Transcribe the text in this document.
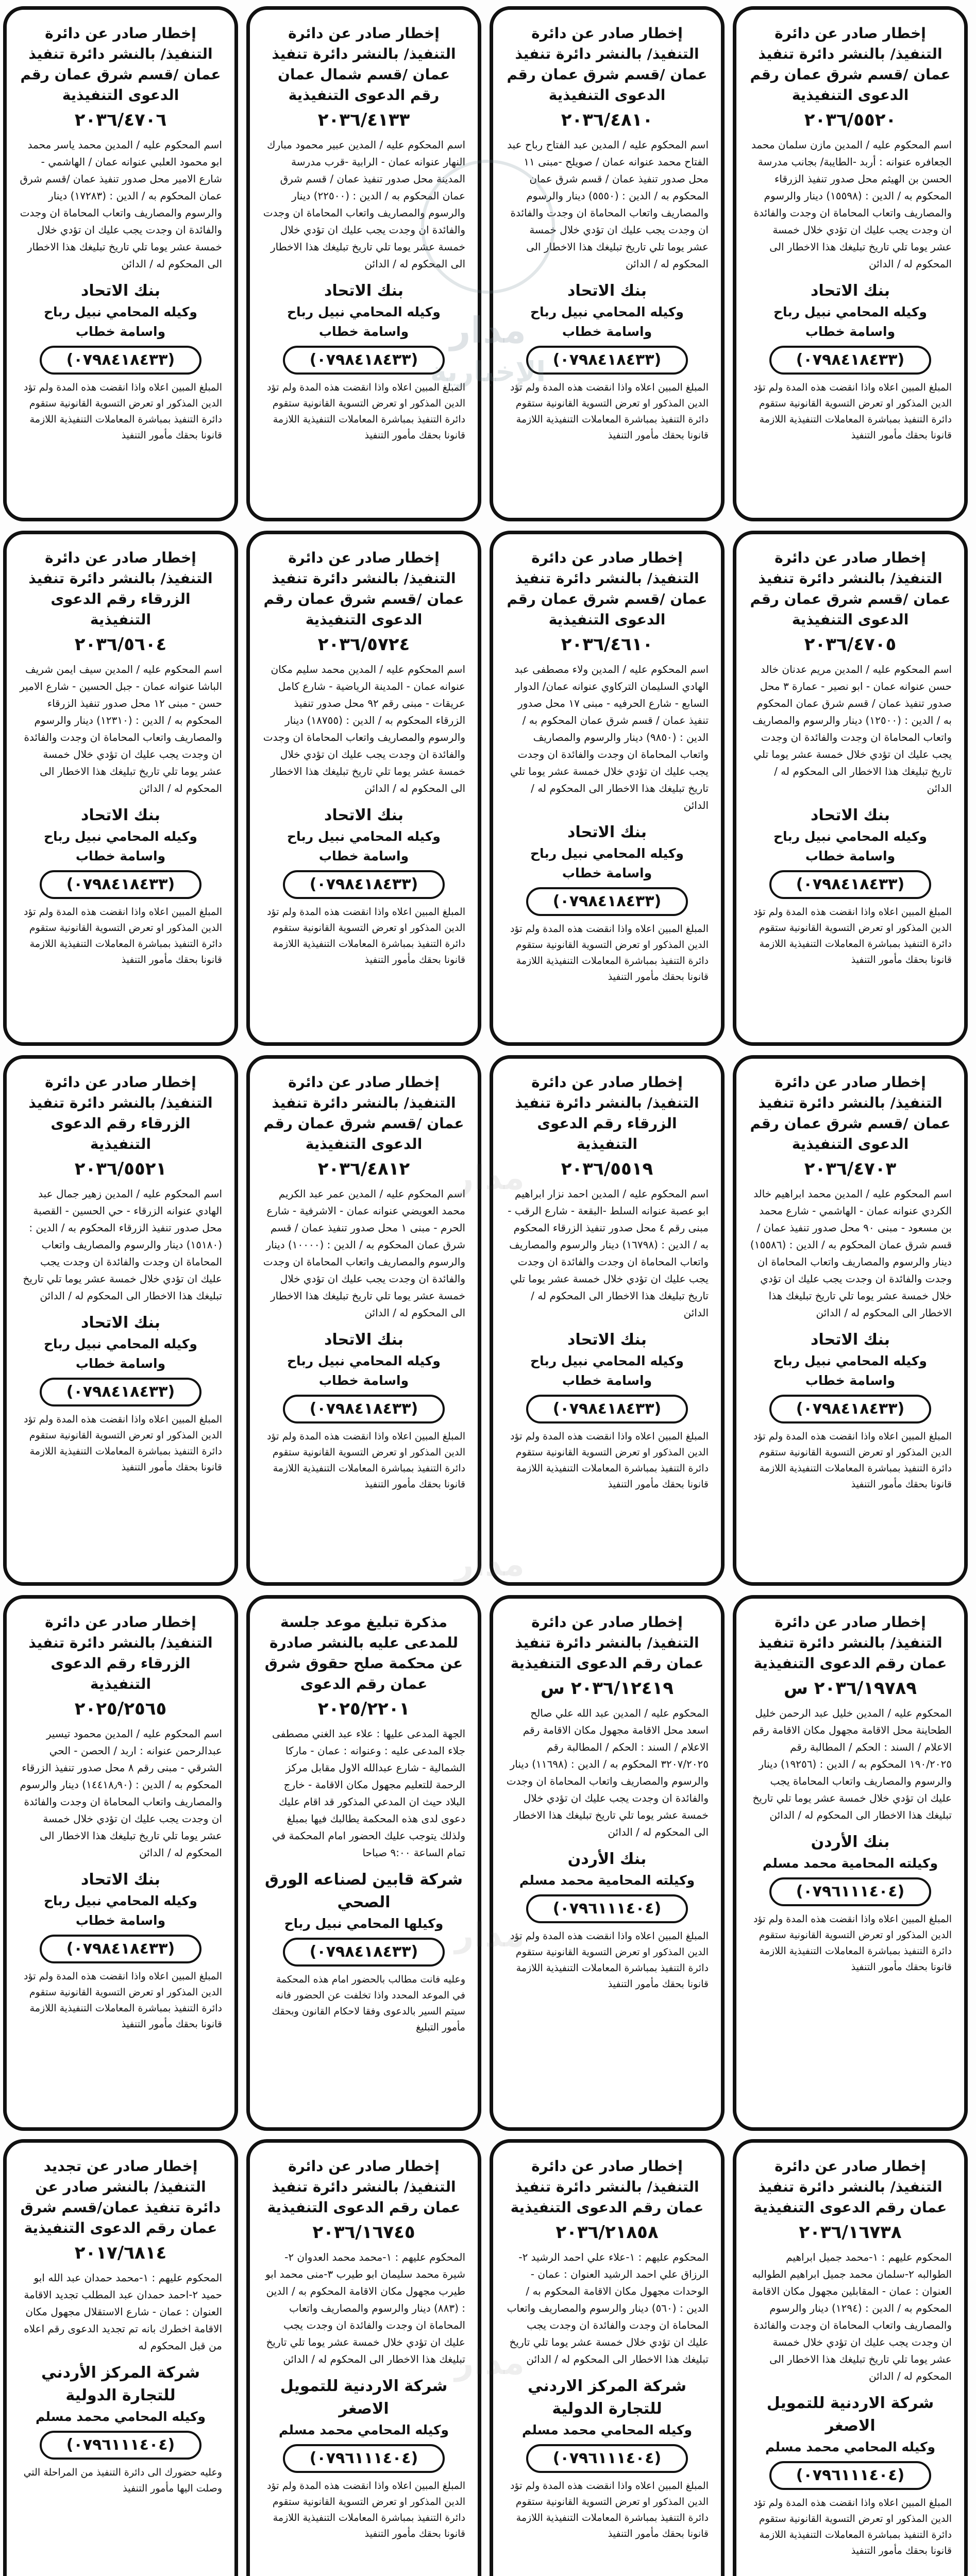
مدار
الإخبارية
إخطار صادر عن دائرة التنفيذ/ بالنشر دائرة تنفيذ عمان /قسم شرق عمان رقم الدعوى التنفيذية
٢٠٣٦/٥٥٢٠
اسم المحكوم عليه / المدين مازن سلمان محمد الجعافره عنوانه : أربد -الطايبة/ بجانب مدرسة الحسن بن الهيثم محل صدور تنفيذ الزرقاء المحكوم به / الدين : (١٥٥٩٨) دينار والرسوم والمصاريف واتعاب المحاماة ان وجدت والفائدة ان وجدت يجب عليك ان تؤدي خلال خمسة عشر يوما تلي تاريخ تبليغك هذا الاخطار الى المحكوم له / الدائن
بنك الاتحاد
وكيله المحامي نبيل رباح واسامة خطاب
(٠٧٩٨٤١٨٤٣٣)
المبلغ المبين اعلاه واذا انقضت هذه المدة ولم تؤد الدين المذكور او تعرض التسوية القانونية ستقوم دائرة التنفيذ بمباشرة المعاملات التنفيذية اللازمة قانونا بحقك مأمور التنفيذ
إخطار صادر عن دائرة التنفيذ/ بالنشر دائرة تنفيذ عمان /قسم شرق عمان رقم الدعوى التنفيذية
٢٠٣٦/٤٧٠٥
اسم المحكوم عليه / المدين مريم عدنان خالد حسن عنوانه عمان - ابو نصير - عمارة ٣ محل صدور تنفيذ عمان / قسم شرق عمان المحكوم به / الدين : (١٢٥٠٠) دينار والرسوم والمصاريف واتعاب المحاماة ان وجدت والفائدة ان وجدت يجب عليك ان تؤدي خلال خمسة عشر يوما تلي تاريخ تبليغك هذا الاخطار الى المحكوم له / الدائن
بنك الاتحاد
وكيله المحامي نبيل رباح واسامة خطاب
(٠٧٩٨٤١٨٤٣٣)
المبلغ المبين اعلاه واذا انقضت هذه المدة ولم تؤد الدين المذكور او تعرض التسوية القانونية ستقوم دائرة التنفيذ بمباشرة المعاملات التنفيذية اللازمة قانونا بحقك مأمور التنفيذ
إخطار صادر عن دائرة التنفيذ/ بالنشر دائرة تنفيذ عمان /قسم شرق عمان رقم الدعوى التنفيذية
٢٠٣٦/٤٧٠٣
اسم المحكوم عليه / المدين محمد ابراهيم خالد الكردي عنوانه عمان - الهاشمي - شارع محمد بن مسعود - مبنى ٩٠ محل صدور تنفيذ عمان / قسم شرق عمان المحكوم به / الدين : (١٥٥٨٦) دينار والرسوم والمصاريف واتعاب المحاماة ان وجدت والفائدة ان وجدت يجب عليك ان تؤدي خلال خمسة عشر يوما تلي تاريخ تبليغك هذا الاخطار الى المحكوم له / الدائن
بنك الاتحاد
وكيله المحامي نبيل رباح واسامة خطاب
(٠٧٩٨٤١٨٤٣٣)
المبلغ المبين اعلاه واذا انقضت هذه المدة ولم تؤد الدين المذكور او تعرض التسوية القانونية ستقوم دائرة التنفيذ بمباشرة المعاملات التنفيذية اللازمة قانونا بحقك مأمور التنفيذ
إخطار صادر عن دائرة التنفيذ/ بالنشر دائرة تنفيذ عمان رقم الدعوى التنفيذية
٢٠٣٦/١٩٧٨٩ س
المحكوم عليه / المدين خليل عبد الرحمن خليل الطحاينة محل الاقامة مجهول مكان الاقامة رقم الاعلام / السند : الحكم / المطالبة رقم ١٩٠/٢٠٢٥ المحكوم به / الدين : (١٩٢٥٦) دينار والرسوم والمصاريف واتعاب المحاماة يجب عليك ان تؤدي خلال خمسة عشر يوما تلي تاريخ تبليغك هذا الاخطار الى المحكوم له / الدائن
بنك الأردن
وكيلته المحامية محمد مسلم
(٠٧٩٦١١١٤٠٤)
المبلغ المبين اعلاه واذا انقضت هذه المدة ولم تؤد الدين المذكور او تعرض التسوية القانونية ستقوم دائرة التنفيذ بمباشرة المعاملات التنفيذية اللازمة قانونا بحقك مأمور التنفيذ
إخطار صادر عن دائرة التنفيذ/ بالنشر دائرة تنفيذ عمان رقم الدعوى التنفيذية
٢٠٣٦/١٦٧٣٨
المحكوم عليهم : ١-محمد جميل ابراهيم الطوالبه ٢-سلمان محمد جميل ابراهيم الطوالبه العنوان : عمان - المقابلين مجهول مكان الاقامة المحكوم به / الدين : (١٢٩٤) دينار والرسوم والمصاريف واتعاب المحاماة ان وجدت والفائدة ان وجدت يجب عليك ان تؤدي خلال خمسة عشر يوما تلي تاريخ تبليغك هذا الاخطار الى المحكوم له / الدائن
شركة الاردنية للتمويل الاصغر
وكيله المحامي محمد مسلم
(٠٧٩٦١١١٤٠٤)
المبلغ المبين اعلاه واذا انقضت هذه المدة ولم تؤد الدين المذكور او تعرض التسوية القانونية ستقوم دائرة التنفيذ بمباشرة المعاملات التنفيذية اللازمة قانونا بحقك مأمور التنفيذ
إخطار صادر عن دائرة التنفيذ/ بالنشر دائرة تنفيذ عمان /قسم شرق عمان رقم الدعوى التنفيذية
٢٠٣٦/٤٨١٠
اسم المحكوم عليه / المدين عبد الفتاح رباح عبد الفتاح محمد عنوانه عمان / صويلح -مبنى ١١ محل صدور تنفيذ عمان / قسم شرق عمان المحكوم به / الدين : (٥٥٥٠) دينار والرسوم والمصاريف واتعاب المحاماة ان وجدت والفائدة ان وجدت يجب عليك ان تؤدي خلال خمسة عشر يوما تلي تاريخ تبليغك هذا الاخطار الى المحكوم له / الدائن
بنك الاتحاد
وكيله المحامي نبيل رباح واسامة خطاب
(٠٧٩٨٤١٨٤٣٣)
المبلغ المبين اعلاه واذا انقضت هذه المدة ولم تؤد الدين المذكور او تعرض التسوية القانونية ستقوم دائرة التنفيذ بمباشرة المعاملات التنفيذية اللازمة قانونا بحقك مأمور التنفيذ
إخطار صادر عن دائرة التنفيذ/ بالنشر دائرة تنفيذ عمان /قسم شرق عمان رقم الدعوى التنفيذية
٢٠٣٦/٤٦١٠
اسم المحكوم عليه / المدين ولاء مصطفى عبد الهادي السليمان التركاوي عنوانه عمان/ الدوار السابع - شارع الحرفيه - مبنى ١٧ محل صدور تنفيذ عمان / قسم شرق عمان المحكوم به / الدين : (٩٨٥٠) دينار والرسوم والمصاريف واتعاب المحاماة ان وجدت والفائدة ان وجدت يجب عليك ان تؤدي خلال خمسة عشر يوما تلي تاريخ تبليغك هذا الاخطار الى المحكوم له / الدائن
بنك الاتحاد
وكيله المحامي نبيل رباح واسامة خطاب
(٠٧٩٨٤١٨٤٣٣)
المبلغ المبين اعلاه واذا انقضت هذه المدة ولم تؤد الدين المذكور او تعرض التسوية القانونية ستقوم دائرة التنفيذ بمباشرة المعاملات التنفيذية اللازمة قانونا بحقك مأمور التنفيذ
إخطار صادر عن دائرة التنفيذ/ بالنشر دائرة تنفيذ الزرقاء رقم الدعوى التنفيذية
٢٠٣٦/٥٥١٩
اسم المحكوم عليه / المدين احمد نزار ابراهيم ابو عصبة عنوانه السلط -البقعة - شارع الرقب - مبنى رقم ٤ محل صدور تنفيذ الزرقاء المحكوم به / الدين : (١٦٧٩٨) دينار والرسوم والمصاريف واتعاب المحاماة ان وجدت والفائدة ان وجدت يجب عليك ان تؤدي خلال خمسة عشر يوما تلي تاريخ تبليغك هذا الاخطار الى المحكوم له / الدائن
بنك الاتحاد
وكيله المحامي نبيل رباح واسامة خطاب
(٠٧٩٨٤١٨٤٣٣)
المبلغ المبين اعلاه واذا انقضت هذه المدة ولم تؤد الدين المذكور او تعرض التسوية القانونية ستقوم دائرة التنفيذ بمباشرة المعاملات التنفيذية اللازمة قانونا بحقك مأمور التنفيذ
إخطار صادر عن دائرة التنفيذ/ بالنشر دائرة تنفيذ عمان رقم الدعوى التنفيذية
٢٠٣٦/١٢٤١٩ س
المحكوم عليه / المدين عبد الله علي صالح اسعد محل الاقامة مجهول مكان الاقامة رقم الاعلام / السند : الحكم / المطالبة رقم ٣٢٠٧/٢٠٢٥ المحكوم به / الدين : (١١٦٩٨) دينار والرسوم والمصاريف واتعاب المحاماة ان وجدت والفائدة ان وجدت يجب عليك ان تؤدي خلال خمسة عشر يوما تلي تاريخ تبليغك هذا الاخطار الى المحكوم له / الدائن
بنك الأردن
وكيلته المحامية محمد مسلم
(٠٧٩٦١١١٤٠٤)
المبلغ المبين اعلاه واذا انقضت هذه المدة ولم تؤد الدين المذكور او تعرض التسوية القانونية ستقوم دائرة التنفيذ بمباشرة المعاملات التنفيذية اللازمة قانونا بحقك مأمور التنفيذ
إخطار صادر عن دائرة التنفيذ/ بالنشر دائرة تنفيذ عمان رقم الدعوى التنفيذية
٢٠٣٦/٢١٨٥٨
المحكوم عليهم : ١-علاء علي احمد الرشيد ٢-الرزاق علي احمد الرشيد العنوان : عمان - الوحدات مجهول مكان الاقامة المحكوم به / الدين : (٥٦٠) دينار والرسوم والمصاريف واتعاب المحاماة ان وجدت والفائدة ان وجدت يجب عليك ان تؤدي خلال خمسة عشر يوما تلي تاريخ تبليغك هذا الاخطار الى المحكوم له / الدائن
شركة المركز الاردني للتجارة الدولية
وكيله المحامي محمد مسلم
(٠٧٩٦١١١٤٠٤)
المبلغ المبين اعلاه واذا انقضت هذه المدة ولم تؤد الدين المذكور او تعرض التسوية القانونية ستقوم دائرة التنفيذ بمباشرة المعاملات التنفيذية اللازمة قانونا بحقك مأمور التنفيذ
إخطار صادر عن دائرة التنفيذ/ بالنشر دائرة تنفيذ عمان /قسم شمال عمان رقم الدعوى التنفيذية
٢٠٣٦/٤١٣٣
اسم المحكوم عليه / المدين عبير محمود مبارك النهار عنوانه عمان - الرابية -قرب مدرسة المدينة محل صدور تنفيذ عمان / قسم شرق عمان المحكوم به / الدين : (٢٢٥٠٠) دينار والرسوم والمصاريف واتعاب المحاماة ان وجدت والفائدة ان وجدت يجب عليك ان تؤدي خلال خمسة عشر يوما تلي تاريخ تبليغك هذا الاخطار الى المحكوم له / الدائن
بنك الاتحاد
وكيله المحامي نبيل رباح واسامة خطاب
(٠٧٩٨٤١٨٤٣٣)
المبلغ المبين اعلاه واذا انقضت هذه المدة ولم تؤد الدين المذكور او تعرض التسوية القانونية ستقوم دائرة التنفيذ بمباشرة المعاملات التنفيذية اللازمة قانونا بحقك مأمور التنفيذ
إخطار صادر عن دائرة التنفيذ/ بالنشر دائرة تنفيذ عمان /قسم شرق عمان رقم الدعوى التنفيذية
٢٠٣٦/٥٧٢٤
اسم المحكوم عليه / المدين محمد سليم مكان عنوانه عمان - المدينة الرياضية - شارع كامل عريقات - مبنى رقم ٩٢ محل صدور تنفيذ الزرقاء المحكوم به / الدين : (١٨٧٥٥) دينار والرسوم والمصاريف واتعاب المحاماة ان وجدت والفائدة ان وجدت يجب عليك ان تؤدي خلال خمسة عشر يوما تلي تاريخ تبليغك هذا الاخطار الى المحكوم له / الدائن
بنك الاتحاد
وكيله المحامي نبيل رباح واسامة خطاب
(٠٧٩٨٤١٨٤٣٣)
المبلغ المبين اعلاه واذا انقضت هذه المدة ولم تؤد الدين المذكور او تعرض التسوية القانونية ستقوم دائرة التنفيذ بمباشرة المعاملات التنفيذية اللازمة قانونا بحقك مأمور التنفيذ
إخطار صادر عن دائرة التنفيذ/ بالنشر دائرة تنفيذ عمان /قسم شرق عمان رقم الدعوى التنفيذية
٢٠٣٦/٤٨١٢
اسم المحكوم عليه / المدين عمر عبد الكريم محمد العويضي عنوانه عمان - الاشرفية - شارع الحرم - مبنى ١ محل صدور تنفيذ عمان / قسم شرق عمان المحكوم به / الدين : (١٠٠٠٠) دينار والرسوم والمصاريف واتعاب المحاماة ان وجدت والفائدة ان وجدت يجب عليك ان تؤدي خلال خمسة عشر يوما تلي تاريخ تبليغك هذا الاخطار الى المحكوم له / الدائن
بنك الاتحاد
وكيله المحامي نبيل رباح واسامة خطاب
(٠٧٩٨٤١٨٤٣٣)
المبلغ المبين اعلاه واذا انقضت هذه المدة ولم تؤد الدين المذكور او تعرض التسوية القانونية ستقوم دائرة التنفيذ بمباشرة المعاملات التنفيذية اللازمة قانونا بحقك مأمور التنفيذ
مذكرة تبليغ موعد جلسة للمدعى عليه بالنشر صادرة عن محكمة صلح حقوق شرق عمان رقم الدعوى
٢٠٢٥/٢٢٠١
الجهة المدعى عليها : علاء عبد الغني مصطفى جلاء المدعى عليه : وعنوانه : عمان - ماركا الشمالية - شارع عبدالله الاول مقابل مركز الرحمة للتعليم مجهول مكان الاقامة - خارج البلاد حيث ان المدعي المذكور قد اقام عليك دعوى لدى هذه المحكمة يطالبك فيها بمبلغ ولذلك يتوجب عليك الحضور امام المحكمة في تمام الساعة ٩:٠٠ صباحا
شركة قابين لصناعه الورق الصحي
وكيلها المحامي نبيل رباح
(٠٧٩٨٤١٨٤٣٣)
وعليه فانت مطالب بالحضور امام هذه المحكمة في الموعد المحدد واذا تخلفت عن الحضور فانه سيتم السير بالدعوى وفقا لاحكام القانون وبحقك مأمور التبليغ
إخطار صادر عن دائرة التنفيذ/ بالنشر دائرة تنفيذ عمان رقم الدعوى التنفيذية
٢٠٣٦/١٦٧٤٥
المحكوم عليهم : ١-محمد محمد العدوان ٢-شيرة محمد سليمان ابو طيرب ٣-منى محمد ابو طيرب مجهول مكان الاقامة المحكوم به / الدين : (٨٨٣) دينار والرسوم والمصاريف واتعاب المحاماة ان وجدت والفائدة ان وجدت يجب عليك ان تؤدي خلال خمسة عشر يوما تلي تاريخ تبليغك هذا الاخطار الى المحكوم له / الدائن
شركة الاردنية للتمويل الاصغر
وكيله المحامي محمد مسلم
(٠٧٩٦١١١٤٠٤)
المبلغ المبين اعلاه واذا انقضت هذه المدة ولم تؤد الدين المذكور او تعرض التسوية القانونية ستقوم دائرة التنفيذ بمباشرة المعاملات التنفيذية اللازمة قانونا بحقك مأمور التنفيذ
إخطار صادر عن دائرة التنفيذ/ بالنشر دائرة تنفيذ عمان /قسم شرق عمان رقم الدعوى التنفيذية
٢٠٣٦/٤٧٠٦
اسم المحكوم عليه / المدين محمد ياسر محمد ابو محمود العلبي عنوانه عمان / الهاشمي - شارع الامير محل صدور تنفيذ عمان /قسم شرق عمان المحكوم به / الدين : (١٧٢٨٣) دينار والرسوم والمصاريف واتعاب المحاماة ان وجدت والفائدة ان وجدت يجب عليك ان تؤدي خلال خمسة عشر يوما تلي تاريخ تبليغك هذا الاخطار الى المحكوم له / الدائن
بنك الاتحاد
وكيله المحامي نبيل رباح واسامة خطاب
(٠٧٩٨٤١٨٤٣٣)
المبلغ المبين اعلاه واذا انقضت هذه المدة ولم تؤد الدين المذكور او تعرض التسوية القانونية ستقوم دائرة التنفيذ بمباشرة المعاملات التنفيذية اللازمة قانونا بحقك مأمور التنفيذ
إخطار صادر عن دائرة التنفيذ/ بالنشر دائرة تنفيذ الزرقاء رقم الدعوى التنفيذية
٢٠٣٦/٥٦٠٤
اسم المحكوم عليه / المدين سيف ايمن شريف الباشا عنوانه عمان - جبل الحسين - شارع الامير حسن - مبنى ١٢ محل صدور تنفيذ الزرقاء المحكوم به / الدين : (١٢٣١٠) دينار والرسوم والمصاريف واتعاب المحاماة ان وجدت والفائدة ان وجدت يجب عليك ان تؤدي خلال خمسة عشر يوما تلي تاريخ تبليغك هذا الاخطار الى المحكوم له / الدائن
بنك الاتحاد
وكيله المحامي نبيل رباح واسامة خطاب
(٠٧٩٨٤١٨٤٣٣)
المبلغ المبين اعلاه واذا انقضت هذه المدة ولم تؤد الدين المذكور او تعرض التسوية القانونية ستقوم دائرة التنفيذ بمباشرة المعاملات التنفيذية اللازمة قانونا بحقك مأمور التنفيذ
إخطار صادر عن دائرة التنفيذ/ بالنشر دائرة تنفيذ الزرقاء رقم الدعوى التنفيذية
٢٠٣٦/٥٥٢١
اسم المحكوم عليه / المدين زهير جمال عبد الهادي عنوانه الزرقاء - حي الحسين - القصبة محل صدور تنفيذ الزرقاء المحكوم به / الدين : (١٥١٨٠) دينار والرسوم والمصاريف واتعاب المحاماة ان وجدت والفائدة ان وجدت يجب عليك ان تؤدي خلال خمسة عشر يوما تلي تاريخ تبليغك هذا الاخطار الى المحكوم له / الدائن
بنك الاتحاد
وكيله المحامي نبيل رباح واسامة خطاب
(٠٧٩٨٤١٨٤٣٣)
المبلغ المبين اعلاه واذا انقضت هذه المدة ولم تؤد الدين المذكور او تعرض التسوية القانونية ستقوم دائرة التنفيذ بمباشرة المعاملات التنفيذية اللازمة قانونا بحقك مأمور التنفيذ
إخطار صادر عن دائرة التنفيذ/ بالنشر دائرة تنفيذ الزرقاء رقم الدعوى التنفيذية
٢٠٢٥/٢٥٦٥
اسم المحكوم عليه / المدين محمود تيسير عبدالرحمن عنوانه : اربد / الحصن - الحي الشرقي - مبنى رقم ٨ محل صدور تنفيذ الزرقاء المحكوم به / الدين : (١٤٤١٨٫٩٠) دينار والرسوم والمصاريف واتعاب المحاماة ان وجدت والفائدة ان وجدت يجب عليك ان تؤدي خلال خمسة عشر يوما تلي تاريخ تبليغك هذا الاخطار الى المحكوم له / الدائن
بنك الاتحاد
وكيله المحامي نبيل رباح واسامة خطاب
(٠٧٩٨٤١٨٤٣٣)
المبلغ المبين اعلاه واذا انقضت هذه المدة ولم تؤد الدين المذكور او تعرض التسوية القانونية ستقوم دائرة التنفيذ بمباشرة المعاملات التنفيذية اللازمة قانونا بحقك مأمور التنفيذ
إخطار صادر عن تجديد التنفيذ/ بالنشر صادر عن دائرة تنفيذ عمان/قسم شرق عمان رقم الدعوى التنفيذية
٢٠١٧/٦٨١٤
المحكوم عليهم : ١-محمد حمدان عبد الله ابو حميد ٢-احمد حمدان عبد المطلب تجديد الاقامة العنوان : عمان - شارع الاستقلال مجهول مكان الاقامة اخطرك بانه تم تجديد الدعوى رقم اعلاه من قبل المحكوم له
شركة المركز الأردني للتجارة الدولية
وكيله المحامي محمد مسلم
(٠٧٩٦١١١٤٠٤)
وعليه حضورك الى دائرة التنفيذ من المراحلة التي وصلت اليها مأمور التنفيذ
